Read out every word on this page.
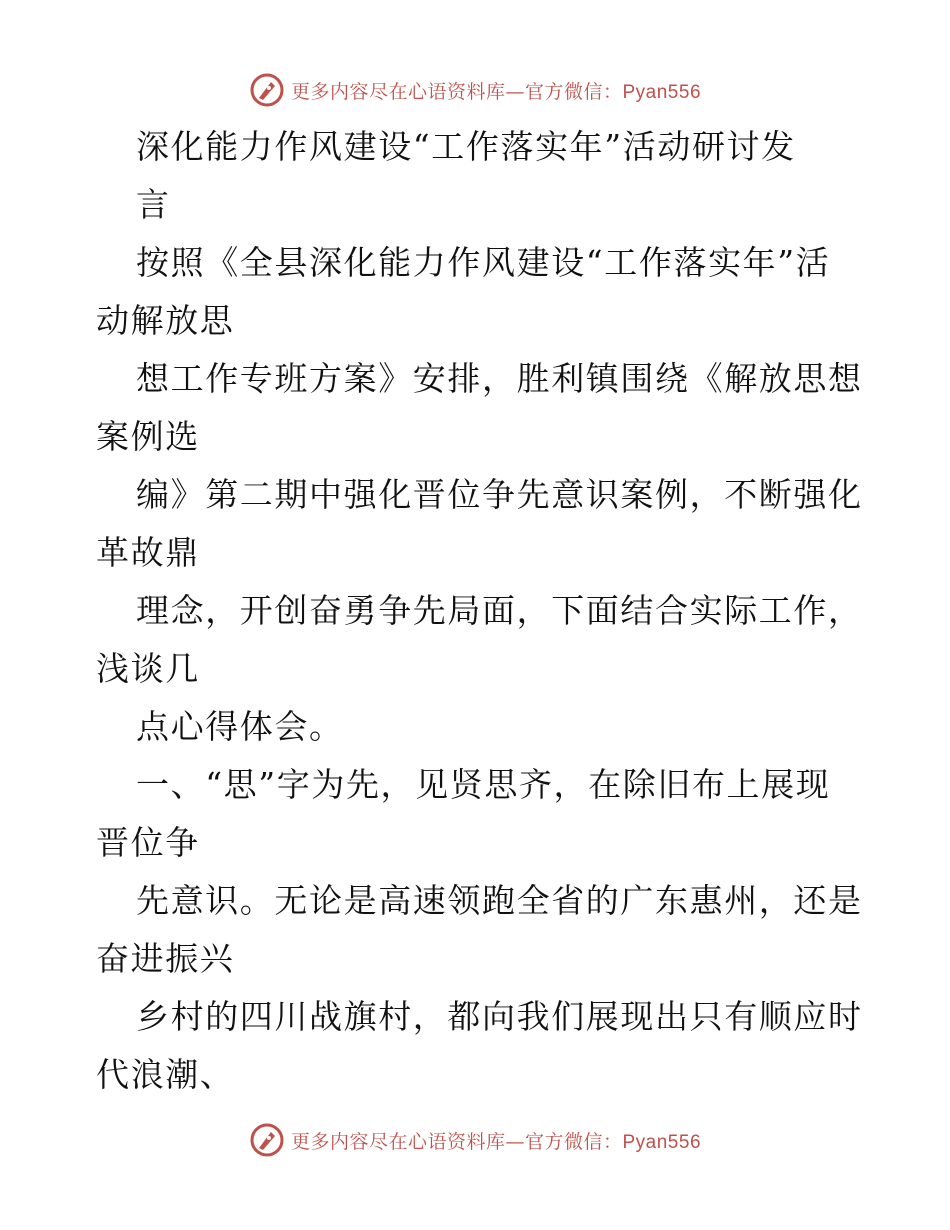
更多内容尽在心语资料库—官方微信：Pyan556
深化能力作风建设“工作落实年”活动研讨发
言
按照《全县深化能力作风建设“工作落实年”活
动解放思
想工作专班方案》安排，胜利镇围绕《解放思想
案例选
编》第二期中强化晋位争先意识案例，不断强化
革故鼎
理念，开创奋勇争先局面，下面结合实际工作，
浅谈几
点心得体会。
一、“思”字为先，见贤思齐，在除旧布上展现
晋位争
先意识。无论是高速领跑全省的广东惠州，还是
奋进振兴
乡村的四川战旗村，都向我们展现出只有顺应时
代浪潮、
更多内容尽在心语资料库—官方微信：Pyan556
